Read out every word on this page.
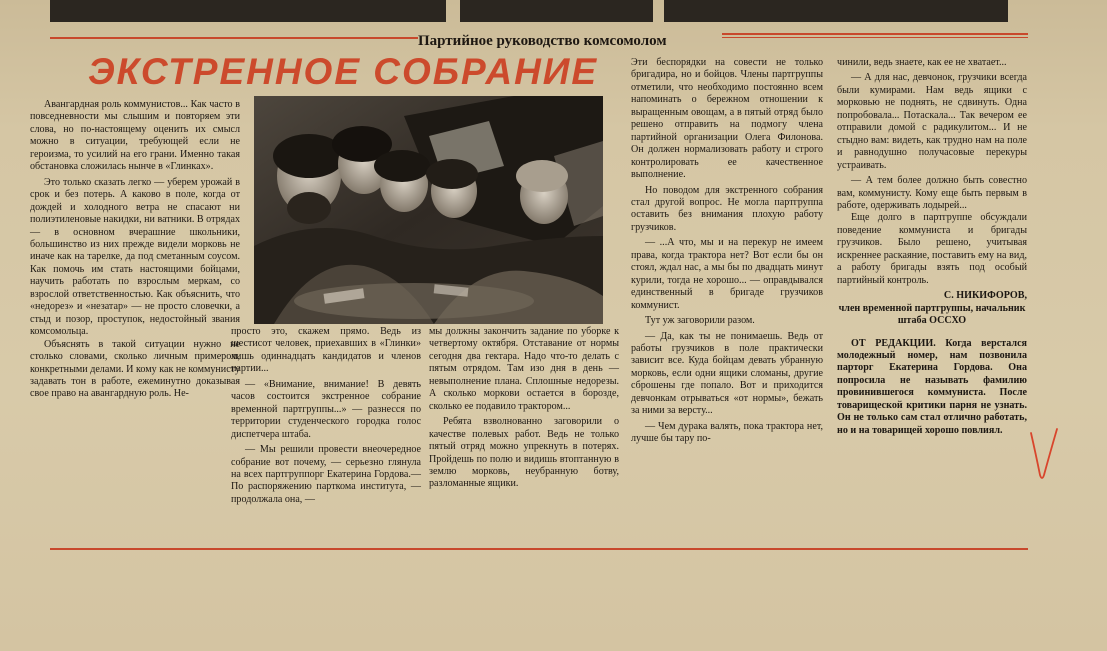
Партийное руководство комсомолом
ЭКСТРЕННОЕ СОБРАНИЕ

Авангардная роль коммунистов... Как часто в повседневности мы слышим и повторяем эти слова, но по-настоящему оценить их смысл можно в ситуации, требующей если не героизма, то усилий на его грани. Именно такая обстановка сложилась нынче в «Глинках».

Это только сказать легко — уберем урожай в срок и без потерь. А каково в поле, когда от дождей и холодного ветра не спасают ни полиэтиленовые накидки, ни ватники. В отрядах — в основном вчерашние школьники, большинство из них прежде видели морковь не иначе как на тарелке, да под сметанным соусом. Как помочь им стать настоящими бойцами, научить работать по взрослым меркам, со взрослой ответственностью. Как объяснить, что «недорез» и «незатар» — не просто словечки, а стыд и позор, проступок, недостойный звания комсомольца.

Объяснять в такой ситуации нужно не столько словами, сколько личным примером, конкретными делами. И кому как не коммунисту задавать тон в работе, ежеминутно доказывая свое право на авангардную роль. Не-

просто это, скажем прямо. Ведь из шестисот человек, приехавших в «Глинки» лишь одиннадцать кандидатов и членов партии...

— «Внимание, внимание! В девять часов состоится экстренное собрание временной партгруппы...» — разнесся по территории студенческого городка голос диспетчера штаба.

— Мы решили провести внеочередное собрание вот почему, — серьезно глянула на всех партгруппорг Екатерина Гордова.— По распоряжению парткома института, — продолжала она, —

мы должны закончить задание по уборке к четвертому октября. Отставание от нормы сегодня два гектара. Надо что-то делать с пятым отрядом. Там изо дня в день — невыполнение плана. Сплошные недорезы. А сколько моркови остается в борозде, сколько ее подавило трактором...

Ребята взволнованно заговорили о качестве полевых работ. Ведь не только пятый отряд можно упрекнуть в потерях. Пройдешь по полю и видишь втоптанную в землю морковь, неубранную ботву, разломанные ящики.

Эти беспорядки на совести не только бригадира, но и бойцов. Члены партгруппы отметили, что необходимо постоянно всем напоминать о бережном отношении к выращенным овощам, а в пятый отряд было решено отправить на подмогу члена партийной организации Олега Филонова. Он должен нормализовать работу и строго контролировать ее качественное выполнение.

Но поводом для экстренного собрания стал другой вопрос. Не могла партгруппа оставить без внимания плохую работу грузчиков.

— ...А что, мы и на перекур не имеем права, когда трактора нет? Вот если бы он стоял, ждал нас, а мы бы по двадцать минут курили, тогда не хорошо... — оправдывался единственный в бригаде грузчиков коммунист.

Тут уж заговорили разом.

— Да, как ты не понимаешь. Ведь от работы грузчиков в поле практически зависит все. Куда бойцам девать убранную морковь, если одни ящики сломаны, другие сброшены где попало. Вот и приходится девчонкам отрываться «от нормы», бежать за ними за версту...

— Чем дурака валять, пока трактора нет, лучше бы тару по-

чинили, ведь знаете, как ее не хватает...

— А для нас, девчонок, грузчики всегда были кумирами. Нам ведь ящики с морковью не поднять, не сдвинуть. Одна попробовала... Потаскала... Так вечером ее отправили домой с радикулитом... И не стыдно вам: видеть, как трудно нам на поле и равнодушно получасовые перекуры устраивать.

— А тем более должно быть совестно вам, коммунисту. Кому еще быть первым в работе, одерживать лодырей...

Еще долго в партгруппе обсуждали поведение коммуниста и бригады грузчиков. Было решено, учитывая искреннее раскаяние, поставить ему на вид, а работу бригады взять под особый партийный контроль.

С. НИКИФОРОВ,

член временной партгруппы, начальник штаба ОССХО

ОТ РЕДАКЦИИ. Когда верстался молодежный номер, нам позвонила парторг Екатерина Гордова. Она попросила не называть фамилию провинившегося коммуниста. После товарищеской критики парня не узнать. Он не только сам стал отлично работать, но и на товарищей хорошо повлиял.
